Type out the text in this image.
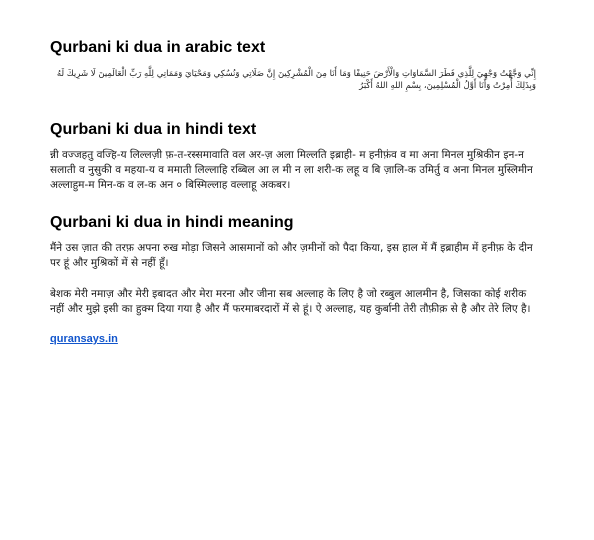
Qurbani ki dua in arabic text
إِنِّي وَجَّهْتُ وَجْهِيَ لِلَّذِي فَطَرَ السَّمَاوَاتِ وَالْأَرْضَ حَنِيفًا وَمَا أَنَا مِنَ الْمُشْرِكِينَ إِنَّ صَلَاتِي وَنُسُكِي وَمَحْيَايَ وَمَمَاتِي لِلَّهِ رَبِّ الْعَالَمِينَ لَا شَرِيكَ لَهُ وَبِذَلِكَ أُمِرْتُ وَأَنَا أَوَّلُ الْمُسْلِمِينَ، بِسْمِ اللهِ اللهُ أَكْبَرُ
Qurbani ki dua in hindi text

न्नी वज्जहतु वज्हि-य लिल्लज़ी फ़-त-रस्समावाति वल अर-ज़ अला मिल्लति इब्राही- म हनीफ़ंव व मा अना मिनल मुश्रिकीन इन-न सलाती व नुसुकी व महया-य व ममाती लिल्लाहि रब्बिल आ ल मी न ला शरी-क लहू व बि ज़ालि-क उमिर्तु व अना मिनल मुस्लिमीन अल्लाहुम-म मिन-क व ल-क अन ० बिस्मिल्लाह वल्लाहू अकबर।

Qurbani ki dua in hindi meaning

मैंने उस ज़ात की तरफ़ अपना रुख मोड़ा जिसने आसमानों को और ज़मीनों को पैदा किया, इस हाल में मैं इब्राहीम में हनीफ़ के दीन पर हूं और मुश्रिकों में से नहीं हूँ।

बेशक मेरी नमाज़ और मेरी इबादत और मेरा मरना और जीना सब अल्लाह के लिए है जो रब्बुल आलमीन है, जिसका कोई शरीक नहीं और मुझे इसी का हुक्म दिया गया है और मैं फरमाबरदारों में से हूं। ऐ अल्लाह, यह कुर्बानी तेरी तौफ़ीक़ से है और तेरे लिए है।

quransays.in
